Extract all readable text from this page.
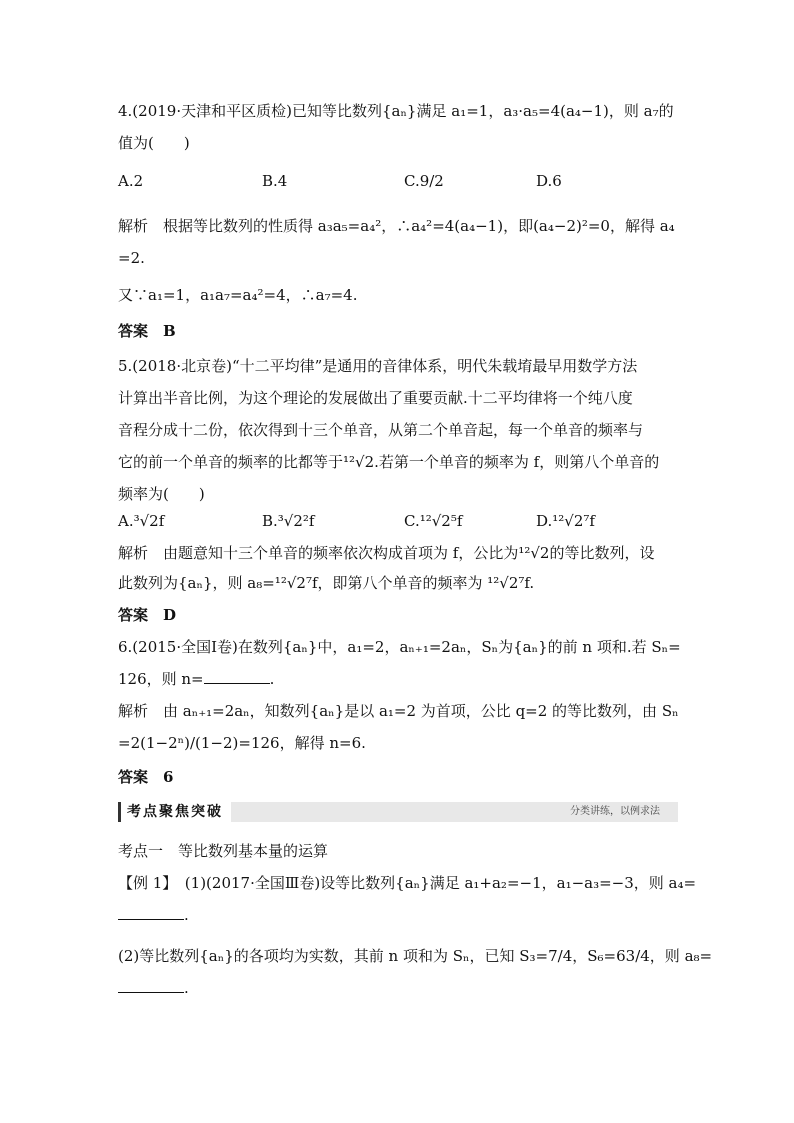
4.(2019·天津和平区质检)已知等比数列{aₙ}满足 a₁=1，a₃·a₅=4(a₄−1)，则 a₇的
值为(　　)
A.2	B.4	C.9/2	D.6
解析　根据等比数列的性质得 a₃a₅=a₄²，∴a₄²=4(a₄−1)，即(a₄−2)²=0，解得 a₄
=2.
又∵a₁=1，a₁a₇=a₄²=4，∴a₇=4.
答案　B
5.(2018·北京卷)“十二平均律”是通用的音律体系，明代朱载堉最早用数学方法
计算出半音比例，为这个理论的发展做出了重要贡献.十二平均律将一个纯八度
音程分成十二份，依次得到十三个单音，从第二个单音起，每一个单音的频率与
它的前一个单音的频率的比都等于¹²√2.若第一个单音的频率为 f，则第八个单音的
频率为(　　)
A.³√2f	B.³√2²f	C.¹²√2⁵f	D.¹²√2⁷f
解析　由题意知十三个单音的频率依次构成首项为 f，公比为¹²√2的等比数列，设
此数列为{aₙ}，则 a₈=¹²√2⁷f，即第八个单音的频率为 ¹²√2⁷f.
答案　D
6.(2015·全国Ⅰ卷)在数列{aₙ}中，a₁=2，aₙ₊₁=2aₙ，Sₙ为{aₙ}的前 n 项和.若 Sₙ=
126，则 n=	.
解析　由 aₙ₊₁=2aₙ，知数列{aₙ}是以 a₁=2 为首项，公比 q=2 的等比数列，由 Sₙ
=2(1−2ⁿ)/(1−2)=126，解得 n=6.
答案　6
考点聚焦突破	分类讲练，以例求法
考点一　等比数列基本量的运算
【例 1】　(1)(2017·全国Ⅲ卷)设等比数列{aₙ}满足 a₁+a₂=−1，a₁−a₃=−3，则 a₄=
.
(2)等比数列{aₙ}的各项均为实数，其前 n 项和为 Sₙ，已知 S₃=7/4，S₆=63/4，则 a₈=
.
